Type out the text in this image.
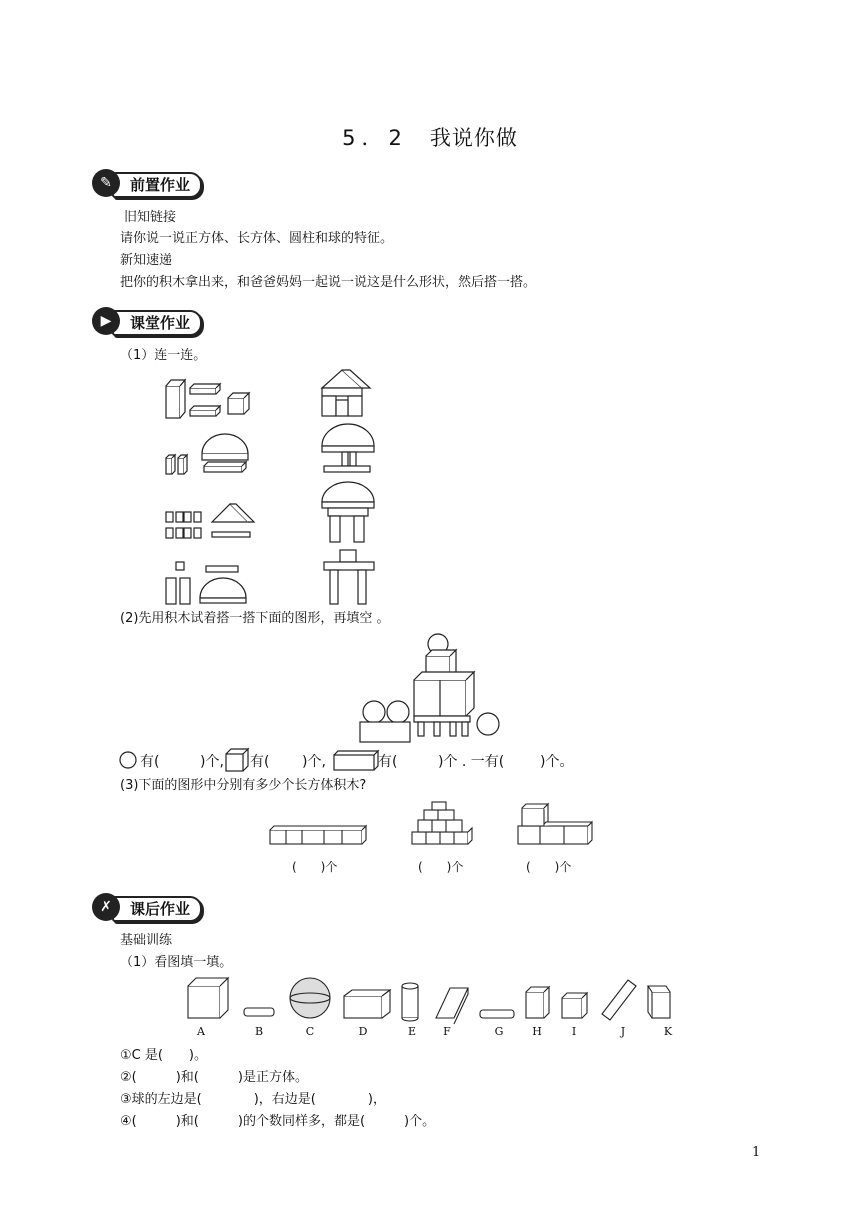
5．2 我说你做
✎	前置作业
旧知链接
请你说一说正方体、长方体、圆柱和球的特征。
新知速递
把你的积木拿出来，和爸爸妈妈一起说一说这是什么形状，然后搭一搭。
▶	课堂作业
（1）连一连。
(2)先用积木试着搭一搭下面的图形，再填空 。
有(	)个, 有( )个,	有(	)个 . 一有(	)个。
(3)下面的图形中分别有多少个长方体积木?
(　　)个	(　　)个	(　　)个
✗	课后作业
基础训练
（1）看图填一填。
A	B	C	D	E	F	G	H	I	J	K
①C 是(　　)。
②(　　　)和(　　　)是正方体。
③球的左边是(　　　　)，右边是(　　　　)，
④(　　　)和(　　　)的个数同样多，都是(　　　)个。
1
